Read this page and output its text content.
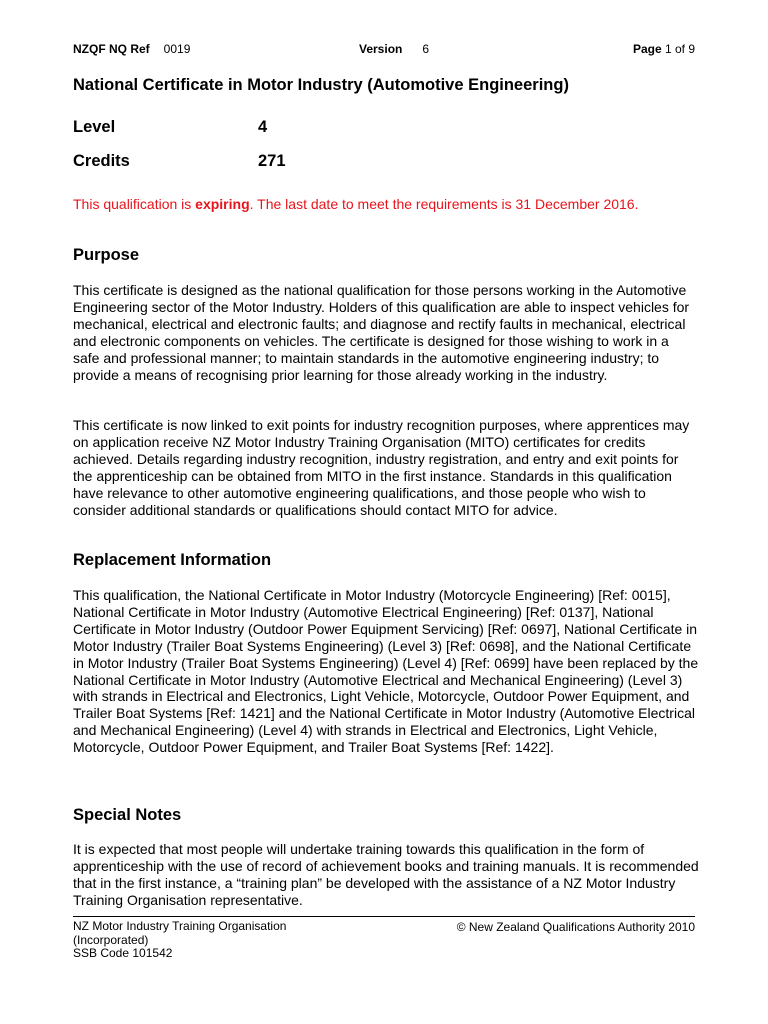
NZQF NQ Ref 0019	Version 6	Page 1 of 9
National Certificate in Motor Industry (Automotive Engineering)
Level	4
Credits	271
This qualification is expiring. The last date to meet the requirements is 31 December 2016.
Purpose
This certificate is designed as the national qualification for those persons working in the Automotive Engineering sector of the Motor Industry. Holders of this qualification are able to inspect vehicles for mechanical, electrical and electronic faults; and diagnose and rectify faults in mechanical, electrical and electronic components on vehicles. The certificate is designed for those wishing to work in a safe and professional manner; to maintain standards in the automotive engineering industry; to provide a means of recognising prior learning for those already working in the industry.
This certificate is now linked to exit points for industry recognition purposes, where apprentices may on application receive NZ Motor Industry Training Organisation (MITO) certificates for credits achieved. Details regarding industry recognition, industry registration, and entry and exit points for the apprenticeship can be obtained from MITO in the first instance. Standards in this qualification have relevance to other automotive engineering qualifications, and those people who wish to consider additional standards or qualifications should contact MITO for advice.
Replacement Information
This qualification, the National Certificate in Motor Industry (Motorcycle Engineering) [Ref: 0015], National Certificate in Motor Industry (Automotive Electrical Engineering) [Ref: 0137], National Certificate in Motor Industry (Outdoor Power Equipment Servicing) [Ref: 0697], National Certificate in Motor Industry (Trailer Boat Systems Engineering) (Level 3) [Ref: 0698], and the National Certificate in Motor Industry (Trailer Boat Systems Engineering) (Level 4) [Ref: 0699] have been replaced by the National Certificate in Motor Industry (Automotive Electrical and Mechanical Engineering) (Level 3) with strands in Electrical and Electronics, Light Vehicle, Motorcycle, Outdoor Power Equipment, and Trailer Boat Systems [Ref: 1421] and the National Certificate in Motor Industry (Automotive Electrical and Mechanical Engineering) (Level 4) with strands in Electrical and Electronics, Light Vehicle, Motorcycle, Outdoor Power Equipment, and Trailer Boat Systems [Ref: 1422].
Special Notes
It is expected that most people will undertake training towards this qualification in the form of apprenticeship with the use of record of achievement books and training manuals. It is recommended that in the first instance, a “training plan” be developed with the assistance of a NZ Motor Industry Training Organisation representative.
NZ Motor Industry Training Organisation (Incorporated)
SSB Code 101542
© New Zealand Qualifications Authority 2010
